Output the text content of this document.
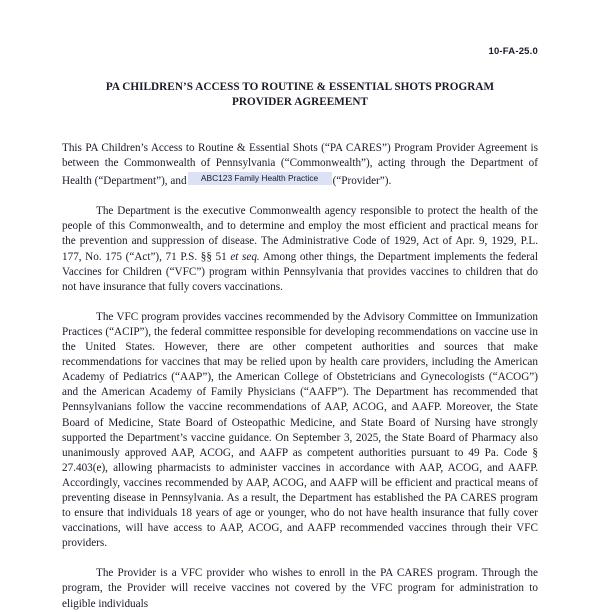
10-FA-25.0
PA CHILDREN’S ACCESS TO ROUTINE & ESSENTIAL SHOTS PROGRAM
PROVIDER AGREEMENT

This PA Children’s Access to Routine & Essential Shots (“PA CARES”) Program Provider Agreement is between the Commonwealth of Pennsylvania (“Commonwealth”), acting through the Department of Health (“Department”), and ABC123 Family Health Practice (“Provider”).

The Department is the executive Commonwealth agency responsible to protect the health of the people of this Commonwealth, and to determine and employ the most efficient and practical means for the prevention and suppression of disease. The Administrative Code of 1929, Act of Apr. 9, 1929, P.L. 177, No. 175 (“Act”), 71 P.S. §§ 51 et seq. Among other things, the Department implements the federal Vaccines for Children (“VFC”) program within Pennsylvania that provides vaccines to children that do not have insurance that fully covers vaccinations.

The VFC program provides vaccines recommended by the Advisory Committee on Immunization Practices (“ACIP”), the federal committee responsible for developing recommendations on vaccine use in the United States. However, there are other competent authorities and sources that make recommendations for vaccines that may be relied upon by health care providers, including the American Academy of Pediatrics (“AAP”), the American College of Obstetricians and Gynecologists (“ACOG”) and the American Academy of Family Physicians (“AAFP”). The Department has recommended that Pennsylvanians follow the vaccine recommendations of AAP, ACOG, and AAFP. Moreover, the State Board of Medicine, State Board of Osteopathic Medicine, and State Board of Nursing have strongly supported the Department’s vaccine guidance. On September 3, 2025, the State Board of Pharmacy also unanimously approved AAP, ACOG, and AAFP as competent authorities pursuant to 49 Pa. Code § 27.403(e), allowing pharmacists to administer vaccines in accordance with AAP, ACOG, and AAFP. Accordingly, vaccines recommended by AAP, ACOG, and AAFP will be efficient and practical means of preventing disease in Pennsylvania. As a result, the Department has established the PA CARES program to ensure that individuals 18 years of age or younger, who do not have health insurance that fully cover vaccinations, will have access to AAP, ACOG, and AAFP recommended vaccines through their VFC providers.

The Provider is a VFC provider who wishes to enroll in the PA CARES program. Through the program, the Provider will receive vaccines not covered by the VFC program for administration to eligible individuals
